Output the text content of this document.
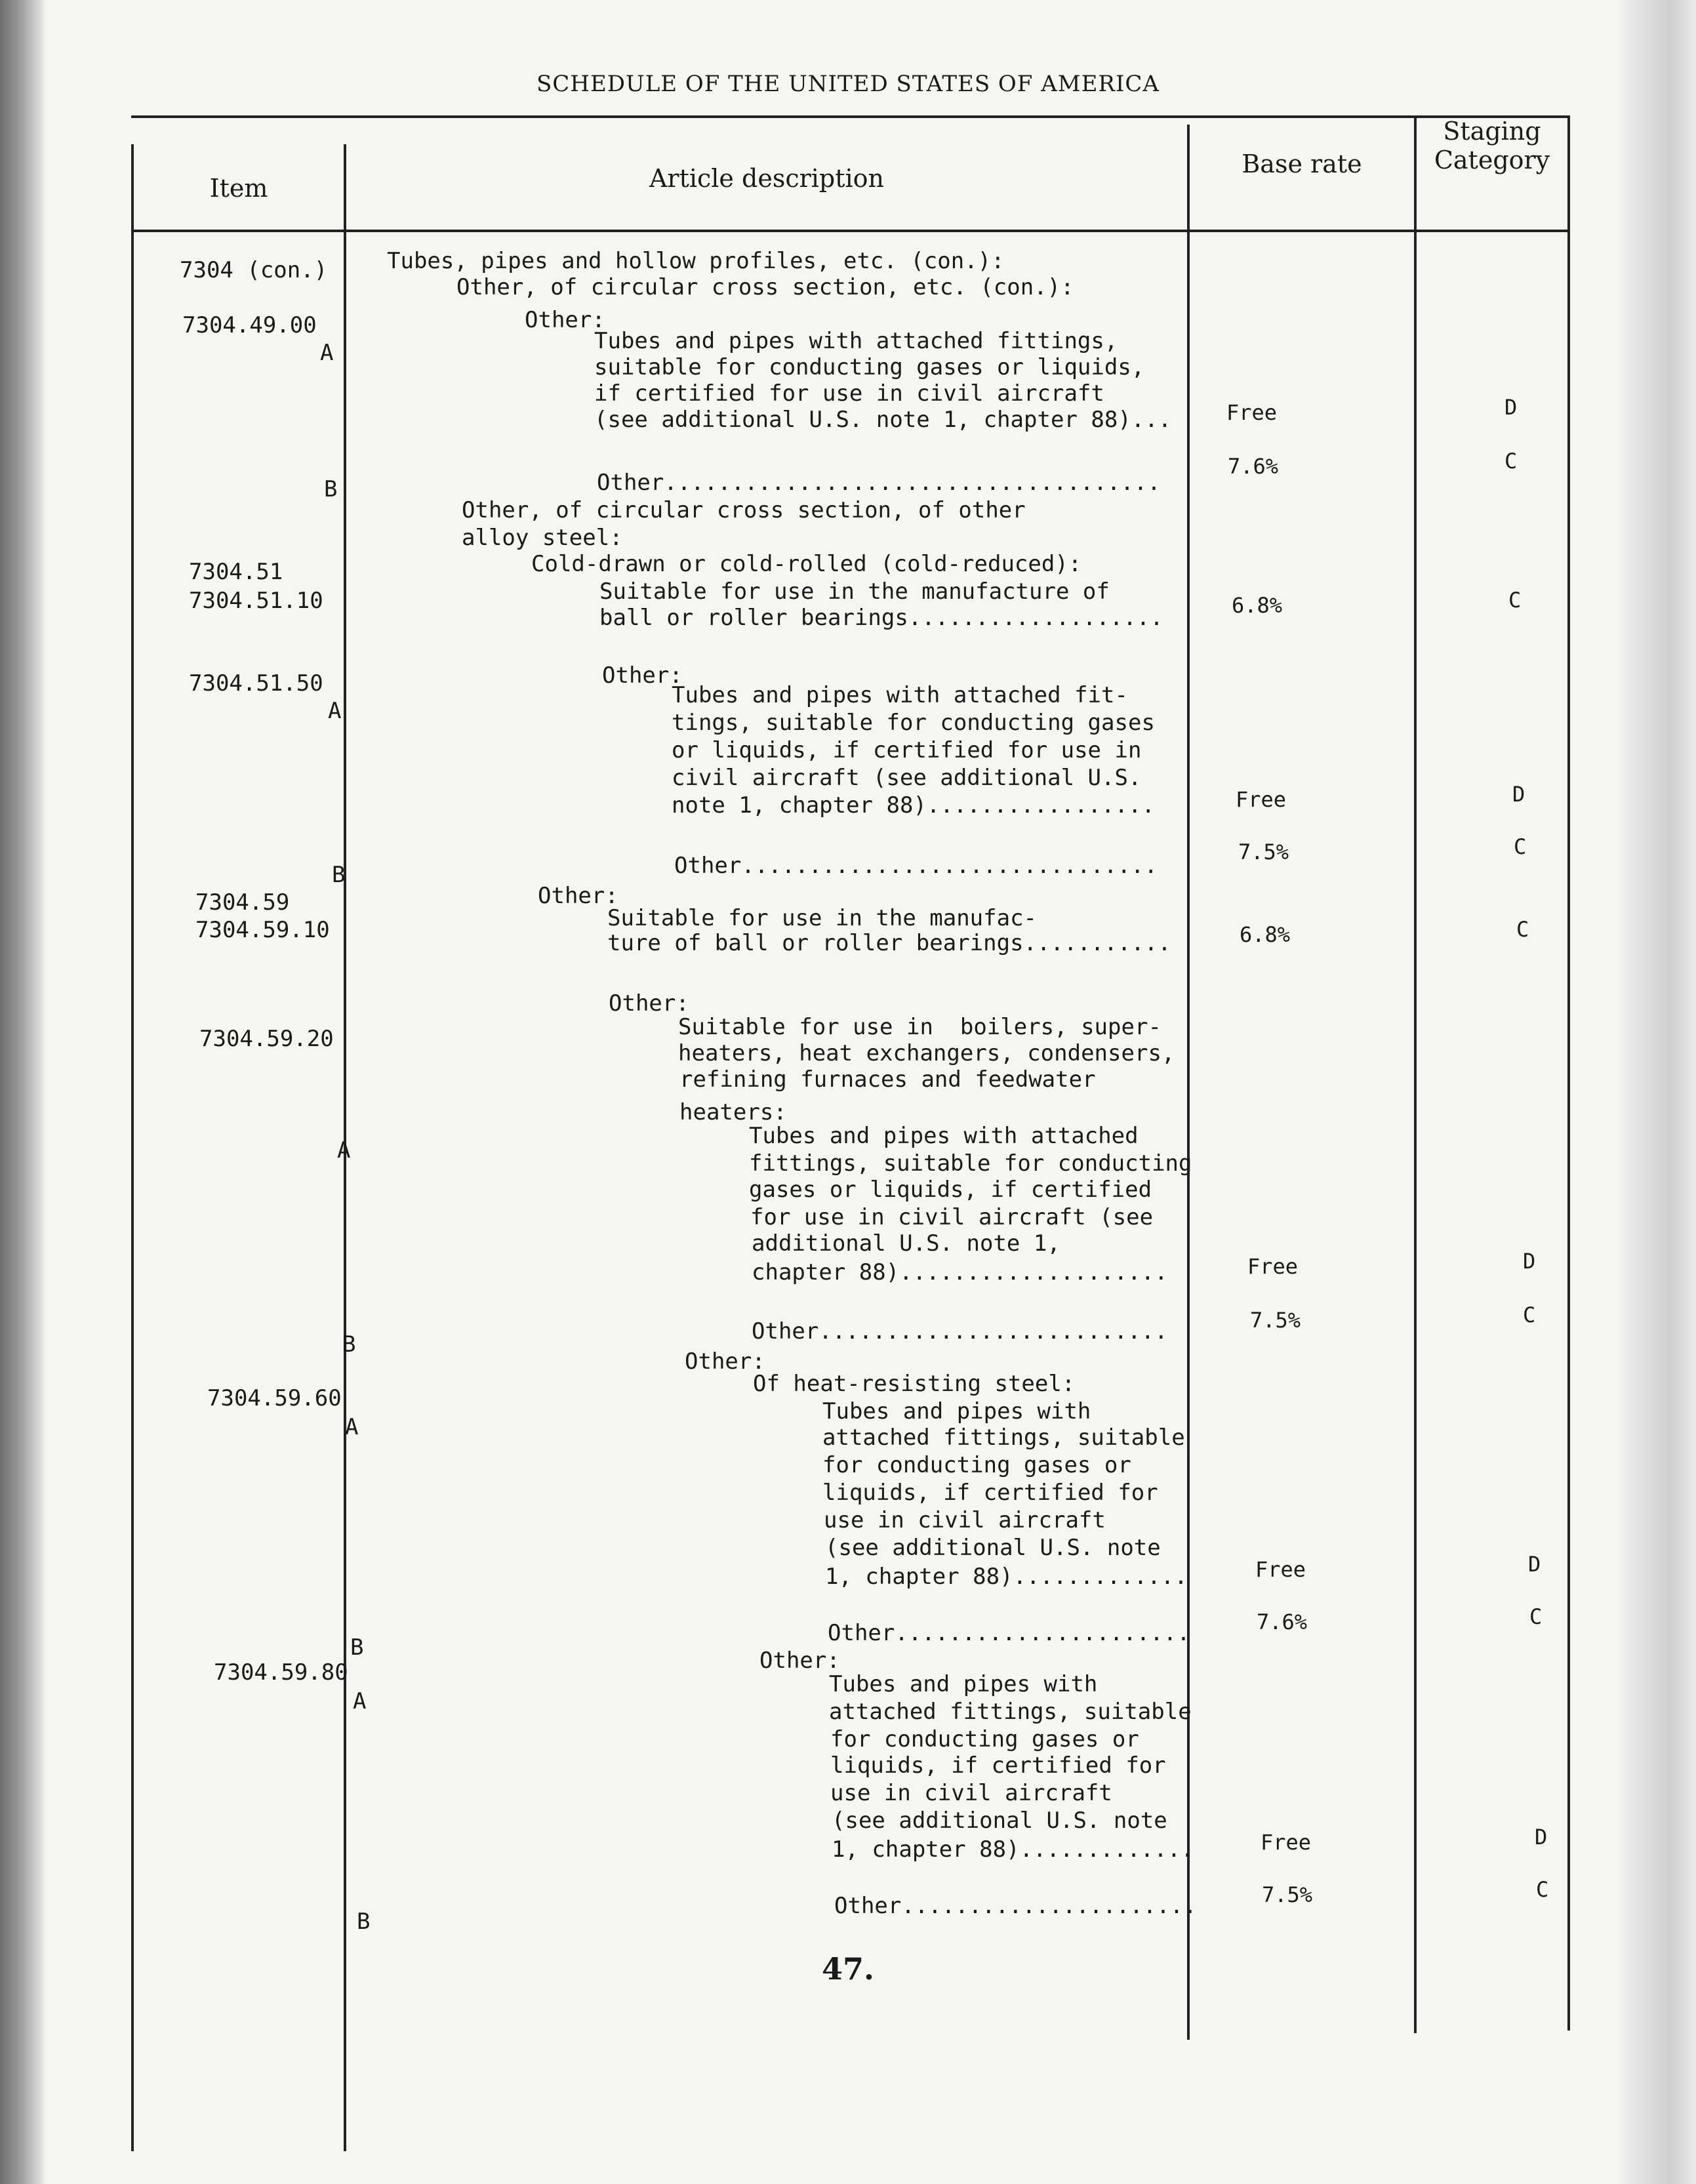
SCHEDULE OF THE UNITED STATES OF AMERICA
Item	Article description	Base rate
Staging
Category
7304 (con.)
7304.49.00
A
B
7304.51
7304.51.10
7304.51.50
A
B
7304.59
7304.59.10
7304.59.20
A
B
7304.59.60
A
B
7304.59.80
A
B
Tubes, pipes and hollow profiles, etc. (con.):
Other, of circular cross section, etc. (con.):
Other:
Tubes and pipes with attached fittings,
suitable for conducting gases or liquids,
if certified for use in civil aircraft
(see additional U.S. note 1, chapter 88)...
Other.....................................
Other, of circular cross section, of other
alloy steel:
Cold-drawn or cold-rolled (cold-reduced):
Suitable for use in the manufacture of
ball or roller bearings...................
Other:
Tubes and pipes with attached fit-
tings, suitable for conducting gases
or liquids, if certified for use in
civil aircraft (see additional U.S.
note 1, chapter 88).................
Other...............................
Other:
Suitable for use in the manufac-
ture of ball or roller bearings...........
Other:
Suitable for use in  boilers, super-
heaters, heat exchangers, condensers,
refining furnaces and feedwater
heaters:
Tubes and pipes with attached
fittings, suitable for conducting
gases or liquids, if certified
for use in civil aircraft (see
additional U.S. note 1,
chapter 88)....................
Other..........................
Other:
Of heat-resisting steel:
Tubes and pipes with
attached fittings, suitable
for conducting gases or
liquids, if certified for
use in civil aircraft
(see additional U.S. note
1, chapter 88).............
Other......................
Other:
Tubes and pipes with
attached fittings, suitable
for conducting gases or
liquids, if certified for
use in civil aircraft
(see additional U.S. note
1, chapter 88).............
Other......................
Free
7.6%
6.8%
Free
7.5%
6.8%
Free
7.5%
Free
7.6%
Free
7.5%
D
C
C
D
C
C
D
C
D
C
D
C
47.
